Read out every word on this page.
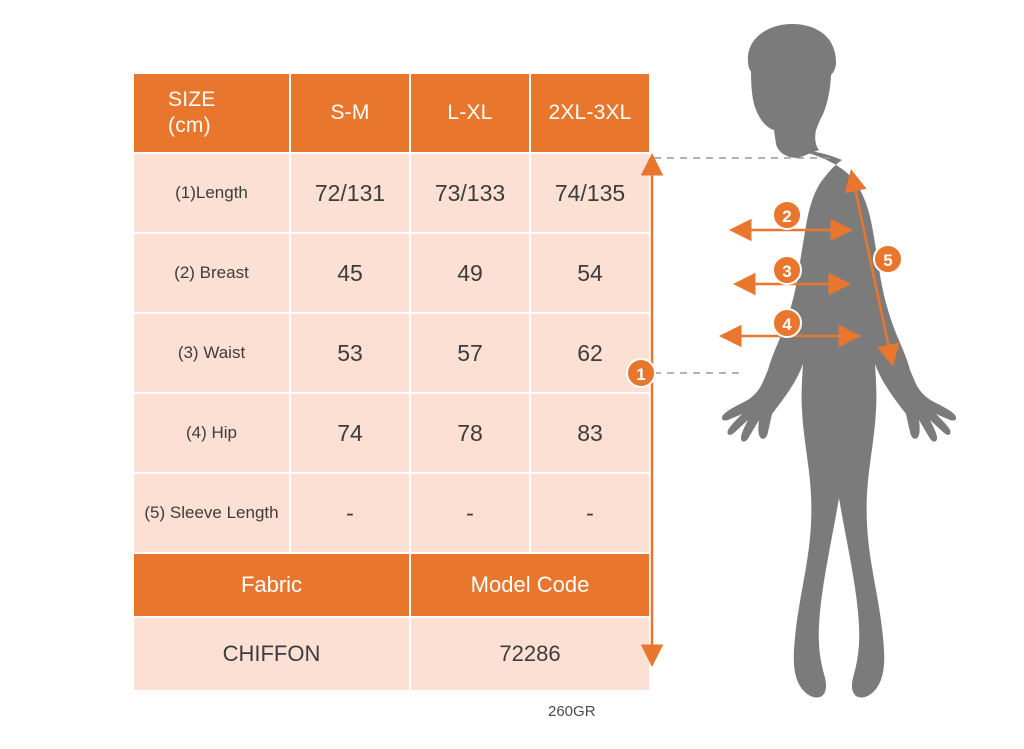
SIZE
(cm)	S-M	L-XL	2XL-3XL
(1)Length	72/131	73/133	74/135
(2) Breast	45	49	54
(3) Waist	53	57	62
(4) Hip	74	78	83
(5) Sleeve Length	-	-	-
Fabric		Model Code	
CHIFFON		72286	
260GR
1
2
3
4
5
